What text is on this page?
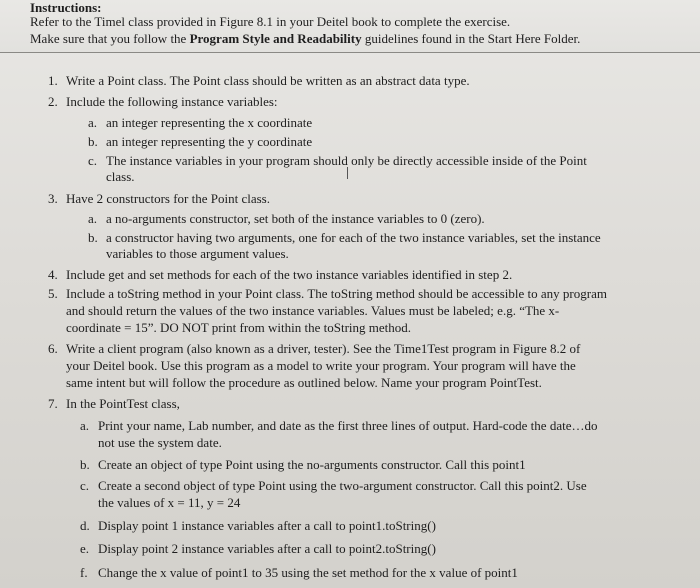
Instructions:
Refer to the Timel class provided in Figure 8.1 in your Deitel book to complete the exercise.
Make sure that you follow the Program Style and Readability guidelines found in the Start Here Folder.
1. Write a Point class. The Point class should be written as an abstract data type.
2. Include the following instance variables:
a. an integer representing the x coordinate
b. an integer representing the y coordinate
c. The instance variables in your program should only be directly accessible inside of the Point
class.
3. Have 2 constructors for the Point class.
a. a no-arguments constructor, set both of the instance variables to 0 (zero).
b. a constructor having two arguments, one for each of the two instance variables, set the instance
variables to those argument values.
4. Include get and set methods for each of the two instance variables identified in step 2.
5. Include a toString method in your Point class. The toString method should be accessible to any program
and should return the values of the two instance variables. Values must be labeled; e.g. “The x-
coordinate = 15”. DO NOT print from within the toString method.
6. Write a client program (also known as a driver, tester). See the Time1Test program in Figure 8.2 of
your Deitel book. Use this program as a model to write your program. Your program will have the
same intent but will follow the procedure as outlined below. Name your program PointTest.
7. In the PointTest class,
a. Print your name, Lab number, and date as the first three lines of output. Hard-code the date…do
not use the system date.
b. Create an object of type Point using the no-arguments constructor. Call this point1
c. Create a second object of type Point using the two-argument constructor. Call this point2. Use
the values of x = 11, y = 24
d. Display point 1 instance variables after a call to point1.toString()
e. Display point 2 instance variables after a call to point2.toString()
f. Change the x value of point1 to 35 using the set method for the x value of point1
